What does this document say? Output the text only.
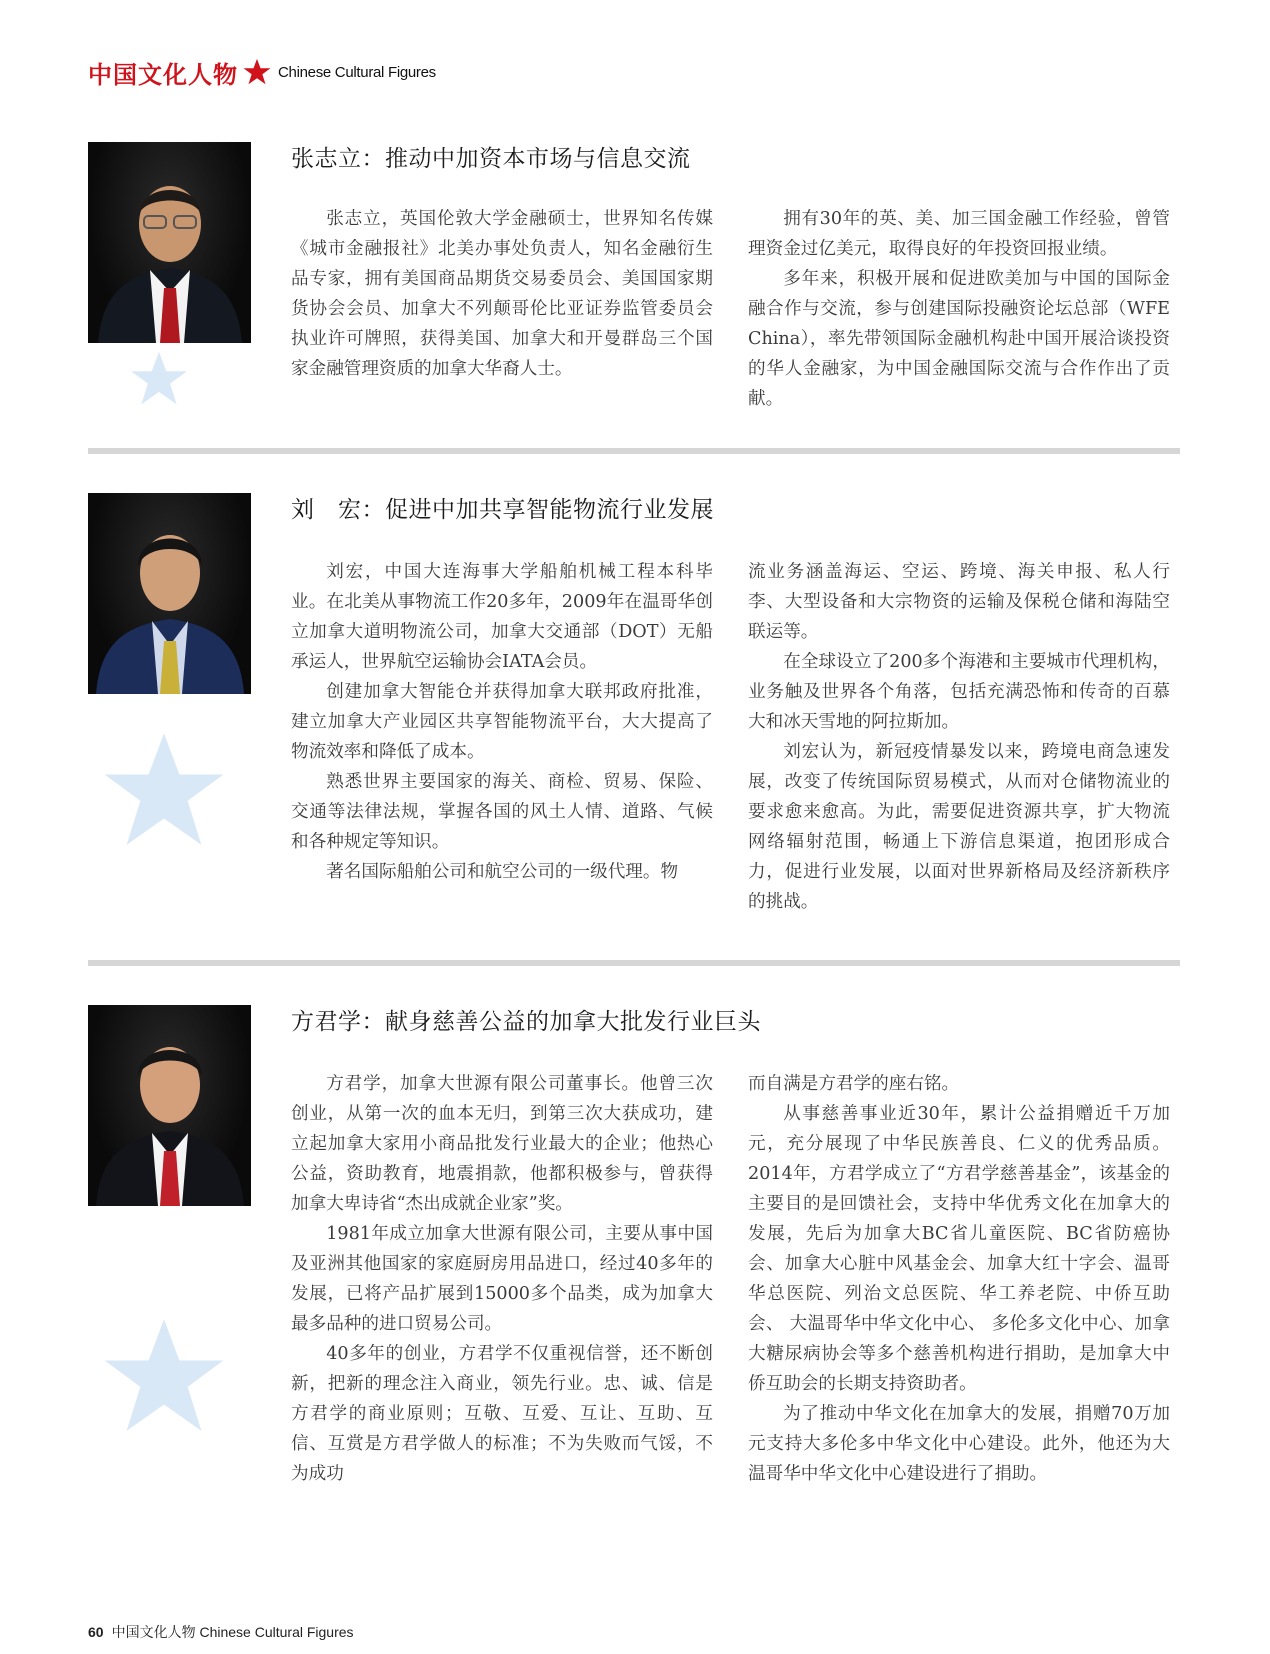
中国文化人物	Chinese Cultural Figures
张志立：推动中加资本市场与信息交流

张志立，英国伦敦大学金融硕士，世界知名传媒《城市金融报社》北美办事处负责人，知名金融衍生品专家，拥有美国商品期货交易委员会、美国国家期货协会会员、加拿大不列颠哥伦比亚证券监管委员会执业许可牌照，获得美国、加拿大和开曼群岛三个国家金融管理资质的加拿大华裔人士。

拥有30年的英、美、加三国金融工作经验，曾管理资金过亿美元，取得良好的年投资回报业绩。

多年来，积极开展和促进欧美加与中国的国际金融合作与交流，参与创建国际投融资论坛总部（WFE China），率先带领国际金融机构赴中国开展洽谈投资的华人金融家，为中国金融国际交流与合作作出了贡献。

刘　宏：促进中加共享智能物流行业发展

刘宏，中国大连海事大学船舶机械工程本科毕业。在北美从事物流工作20多年，2009年在温哥华创立加拿大道明物流公司，加拿大交通部（DOT）无船承运人，世界航空运输协会IATA会员。

创建加拿大智能仓并获得加拿大联邦政府批准，建立加拿大产业园区共享智能物流平台，大大提高了物流效率和降低了成本。

熟悉世界主要国家的海关、商检、贸易、保险、交通等法律法规，掌握各国的风土人情、道路、气候和各种规定等知识。

著名国际船舶公司和航空公司的一级代理。物

流业务涵盖海运、空运、跨境、海关申报、私人行李、大型设备和大宗物资的运输及保税仓储和海陆空联运等。

在全球设立了200多个海港和主要城市代理机构，业务触及世界各个角落，包括充满恐怖和传奇的百慕大和冰天雪地的阿拉斯加。

刘宏认为，新冠疫情暴发以来，跨境电商急速发展，改变了传统国际贸易模式，从而对仓储物流业的要求愈来愈高。为此，需要促进资源共享，扩大物流网络辐射范围，畅通上下游信息渠道，抱团形成合力，促进行业发展，以面对世界新格局及经济新秩序的挑战。

方君学：献身慈善公益的加拿大批发行业巨头

方君学，加拿大世源有限公司董事长。他曾三次创业，从第一次的血本无归，到第三次大获成功，建立起加拿大家用小商品批发行业最大的企业；他热心公益，资助教育，地震捐款，他都积极参与，曾获得加拿大卑诗省“杰出成就企业家”奖。

1981年成立加拿大世源有限公司，主要从事中国及亚洲其他国家的家庭厨房用品进口，经过40多年的发展，已将产品扩展到15000多个品类，成为加拿大最多品种的进口贸易公司。

40多年的创业，方君学不仅重视信誉，还不断创新，把新的理念注入商业，领先行业。忠、诚、信是方君学的商业原则；互敬、互爱、互让、互助、互信、互赏是方君学做人的标准；不为失败而气馁，不为成功

而自满是方君学的座右铭。

从事慈善事业近30年，累计公益捐赠近千万加元，充分展现了中华民族善良、仁义的优秀品质。2014年，方君学成立了“方君学慈善基金”，该基金的主要目的是回馈社会，支持中华优秀文化在加拿大的发展，先后为加拿大BC省儿童医院、BC省防癌协会、加拿大心脏中风基金会、加拿大红十字会、温哥华总医院、列治文总医院、华工养老院、中侨互助会、 大温哥华中华文化中心、 多伦多文化中心、加拿大糖尿病协会等多个慈善机构进行捐助，是加拿大中侨互助会的长期支持资助者。

为了推动中华文化在加拿大的发展，捐赠70万加元支持大多伦多中华文化中心建设。此外，他还为大温哥华中华文化中心建设进行了捐助。

60 中国文化人物 Chinese Cultural Figures
